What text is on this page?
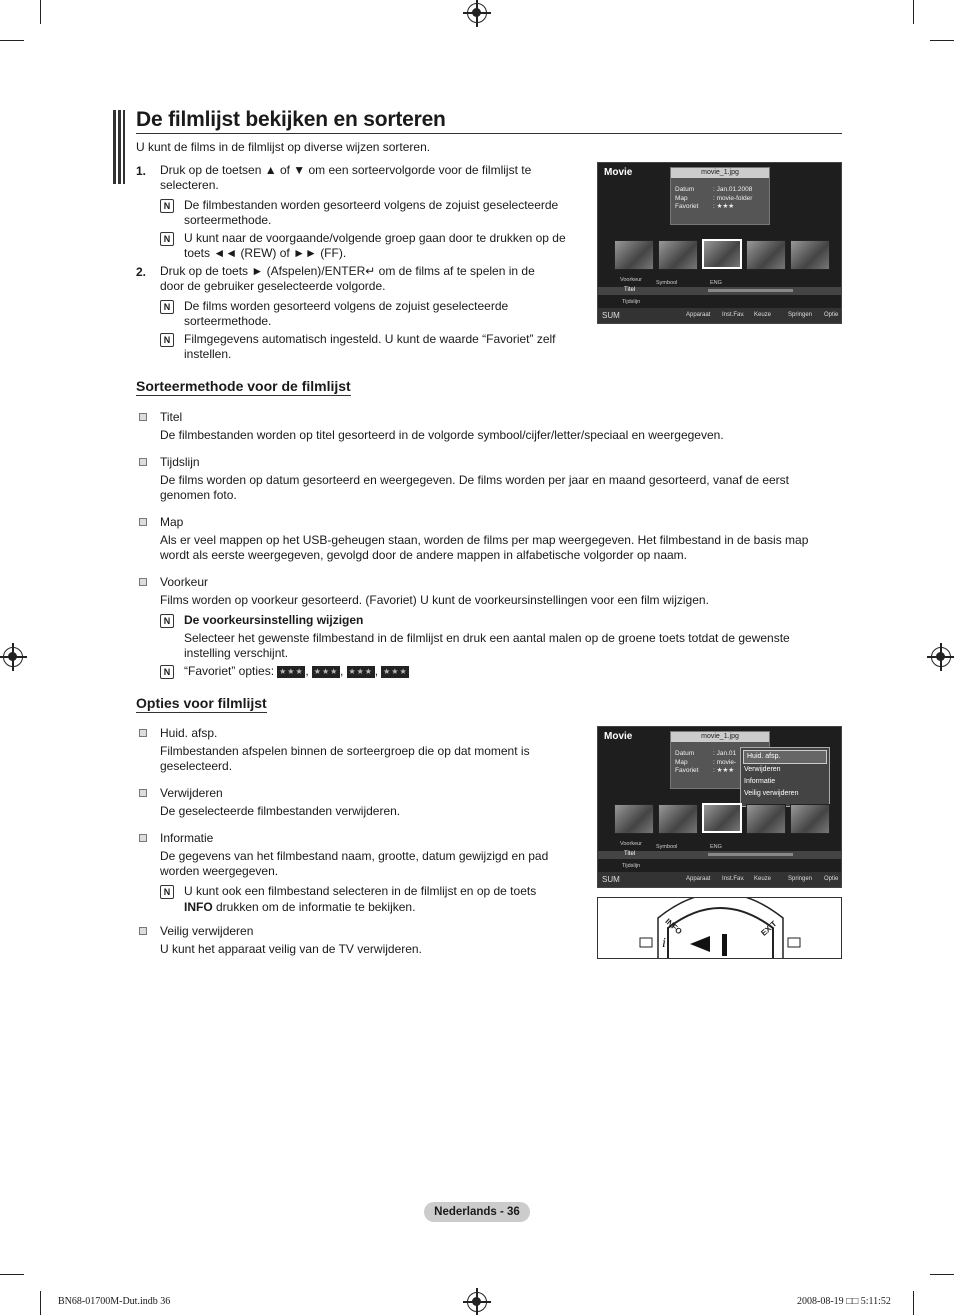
De filmlijst bekijken en sorteren
U kunt de films in de filmlijst op diverse wijzen sorteren.
1. Druk op de toetsen ▲ of ▼ om een sorteervolgorde voor de filmlijst te
selecteren.
N	De filmbestanden worden gesorteerd volgens de zojuist geselecteerde
sorteermethode.
N	U kunt naar de voorgaande/volgende groep gaan door te drukken op de
toets ◄◄ (REW) of ►► (FF).
2. Druk op de toets ► (Afspelen)/ENTER↵ om de films af te spelen in de
door de gebruiker geselecteerde volgorde.
N	De films worden gesorteerd volgens de zojuist geselecteerde
sorteermethode.
N	Filmgegevens automatisch ingesteld. U kunt de waarde “Favoriet” zelf
instellen.
Movie	movie_1.jpg
Datum	: Jan.01.2008
Map	: movie-folder
Favoriet : ★★★
Voorkeur	Symbool	ENG
Titel
Tijdslijn
SUM	Apparaat Inst.Fav. Keuze	Springen Optie
Sorteermethode voor de filmlijst
Titel
De filmbestanden worden op titel gesorteerd in de volgorde symbool/cijfer/letter/speciaal en weergegeven.
Tijdslijn
De films worden op datum gesorteerd en weergegeven. De films worden per jaar en maand gesorteerd, vanaf de eerst
genomen foto.
Map
Als er veel mappen op het USB-geheugen staan, worden de films per map weergegeven. Het filmbestand in de basis map
wordt als eerste weergegeven, gevolgd door de andere mappen in alfabetische volgorder op naam.
Voorkeur
Films worden op voorkeur gesorteerd. (Favoriet) U kunt de voorkeursinstellingen voor een film wijzigen.
N	De voorkeursinstelling wijzigen
Selecteer het gewenste filmbestand in de filmlijst en druk een aantal malen op de groene toets totdat de gewenste
instelling verschijnt.
N	“Favoriet” opties: ★★★ , ★★★ , ★★★ , ★★★
Opties voor filmlijst
Huid. afsp.
Filmbestanden afspelen binnen de sorteergroep die op dat moment is
geselecteerd.
Verwijderen
De geselecteerde filmbestanden verwijderen.
Informatie
De gegevens van het filmbestand naam, grootte, datum gewijzigd en pad
worden weergegeven.
N	U kunt ook een filmbestand selecteren in de filmlijst en op de toets
INFO drukken om de informatie te bekijken.
Veilig verwijderen
U kunt het apparaat veilig van de TV verwijderen.
Movie	movie_1.jpg
Datum	: Jan.01
Map	: movie-
Favoriet : ★★★
Huid. afsp.
Verwijderen
Informatie
Veilig verwijderen
Voorkeur	Symbool	ENG
Titel
Tijdslijn
SUM	Apparaat Inst.Fav. Keuze	Springen Optie
i
INFO	EXIT
Nederlands - 36
BN68-01700M-Dut.indb 36	2008-08-19 □□ 5:11:52
